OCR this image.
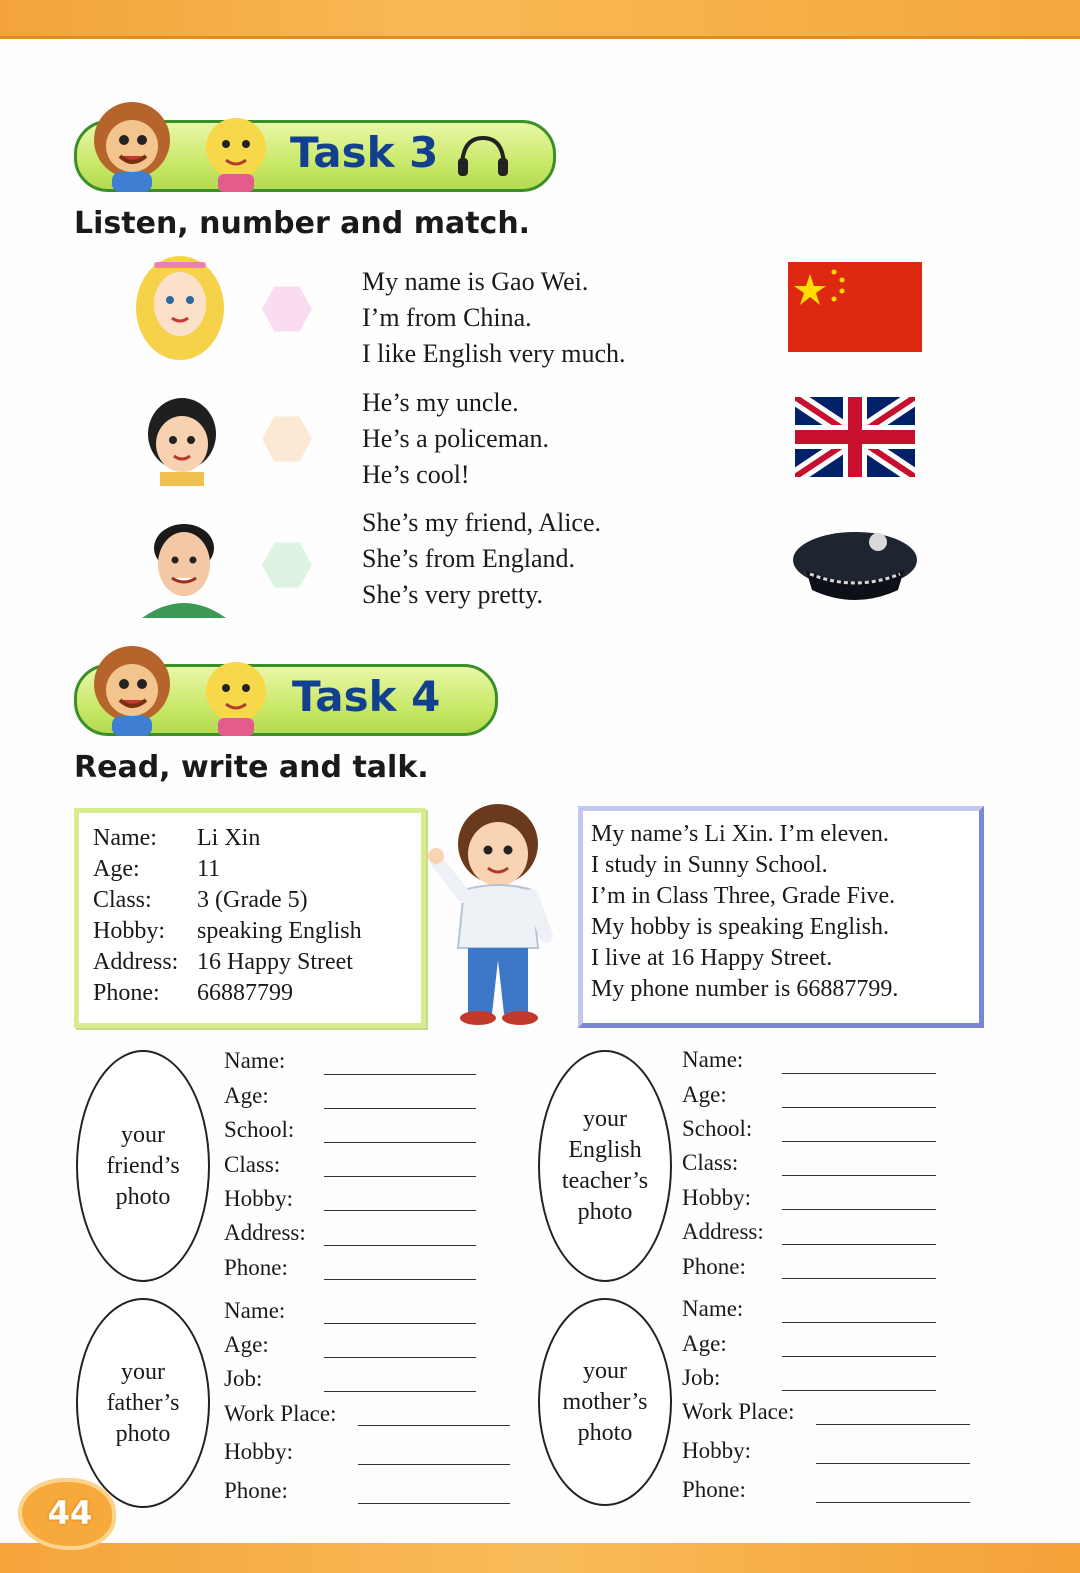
44
Task 3
Listen, number and match.
My name is Gao Wei.
I’m from China.
I like English very much.
He’s my uncle.
He’s a policeman.
He’s cool!
She’s my friend, Alice.
She’s from England.
She’s very pretty.
Task 4
Read, write and talk.
Name: Li Xin
Age: 11
Class: 3 (Grade 5)
Hobby: speaking English
Address: 16 Happy Street
Phone: 66887799
My name’s Li Xin. I’m eleven.
I study in Sunny School.
I’m in Class Three, Grade Five.
My hobby is speaking English.
I live at 16 Happy Street.
My phone number is 66887799.
your
friend’s
photo
Name:
Age:
School:
Class:
Hobby:
Address:
Phone:
your
English
teacher’s
photo
Name:
Age:
School:
Class:
Hobby:
Address:
Phone:
your
father’s
photo
Name:
Age:
Job:
Work Place:
Hobby:
Phone:
your
mother’s
photo
Name:
Age:
Job:
Work Place:
Hobby:
Phone:
